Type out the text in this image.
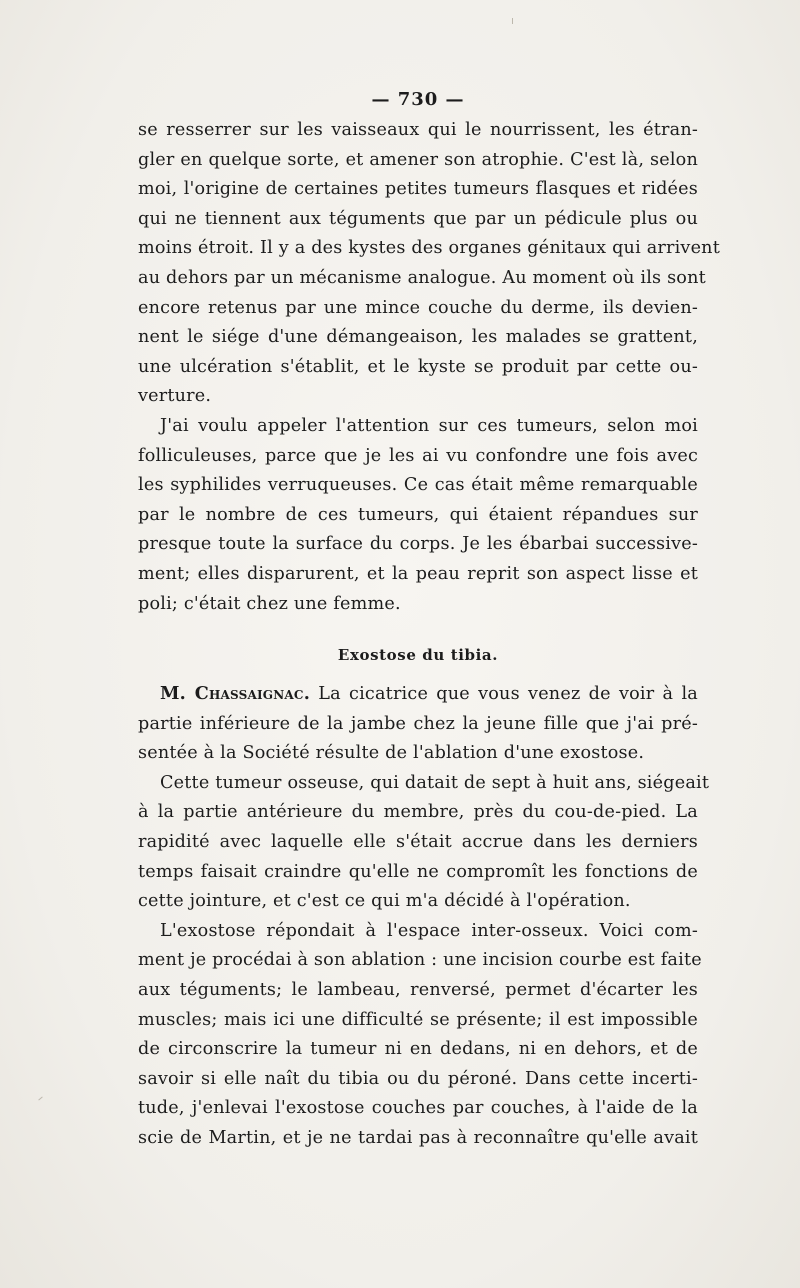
— 730 —
se resserrer sur les vaisseaux qui le nourrissent, les étran-
gler en quelque sorte, et amener son atrophie. C'est là, selon
moi, l'origine de certaines petites tumeurs flasques et ridées
qui ne tiennent aux téguments que par un pédicule plus ou
moins étroit. Il y a des kystes des organes génitaux qui arrivent
au dehors par un mécanisme analogue. Au moment où ils sont
encore retenus par une mince couche du derme, ils devien-
nent le siége d'une démangeaison, les malades se grattent,
une ulcération s'établit, et le kyste se produit par cette ou-
verture.
J'ai voulu appeler l'attention sur ces tumeurs, selon moi
folliculeuses, parce que je les ai vu confondre une fois avec
les syphilides verruqueuses. Ce cas était même remarquable
par le nombre de ces tumeurs, qui étaient répandues sur
presque toute la surface du corps. Je les ébarbai successive-
ment; elles disparurent, et la peau reprit son aspect lisse et
poli; c'était chez une femme.
Exostose du tibia.
M. Chassaignac. La cicatrice que vous venez de voir à la
partie inférieure de la jambe chez la jeune fille que j'ai pré-
sentée à la Société résulte de l'ablation d'une exostose.
Cette tumeur osseuse, qui datait de sept à huit ans, siégeait
à la partie antérieure du membre, près du cou-de-pied. La
rapidité avec laquelle elle s'était accrue dans les derniers
temps faisait craindre qu'elle ne compromît les fonctions de
cette jointure, et c'est ce qui m'a décidé à l'opération.
L'exostose répondait à l'espace inter-osseux. Voici com-
ment je procédai à son ablation : une incision courbe est faite
aux téguments; le lambeau, renversé, permet d'écarter les
muscles; mais ici une difficulté se présente; il est impossible
de circonscrire la tumeur ni en dedans, ni en dehors, et de
savoir si elle naît du tibia ou du péroné. Dans cette incerti-
tude, j'enlevai l'exostose couches par couches, à l'aide de la
scie de Martin, et je ne tardai pas à reconnaître qu'elle avait
